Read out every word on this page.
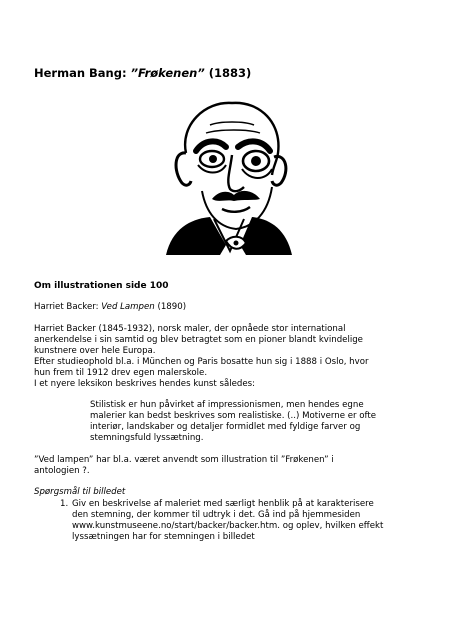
Herman Bang: ”Frøkenen” (1883)
Om illustrationen side 100
Harriet Backer: Ved Lampen (1890)
Harriet Backer (1845-1932), norsk maler, der opnåede stor international
anerkendelse i sin samtid og blev betragtet som en pioner blandt kvindelige
kunstnere over hele Europa.
Efter studieophold bl.a. i München og Paris bosatte hun sig i 1888 i Oslo, hvor
hun frem til 1912 drev egen malerskole.
I et nyere leksikon beskrives hendes kunst således:
Stilistisk er hun påvirket af impressionismen, men hendes egne
malerier kan bedst beskrives som realistiske. (..) Motiverne er ofte
interiør, landskaber og detaljer formidlet med fyldige farver og
stemningsfuld lyssætning.
”Ved lampen” har bl.a. været anvendt som illustration til ”Frøkenen” i
antologien ?.
Spørgsmål til billedet
1. Giv en beskrivelse af maleriet med særligt henblik på at karakterisere
den stemning, der kommer til udtryk i det. Gå ind på hjemmesiden
www.kunstmuseene.no/start/backer/backer.htm. og oplev, hvilken effekt
lyssætningen har for stemningen i billedet
